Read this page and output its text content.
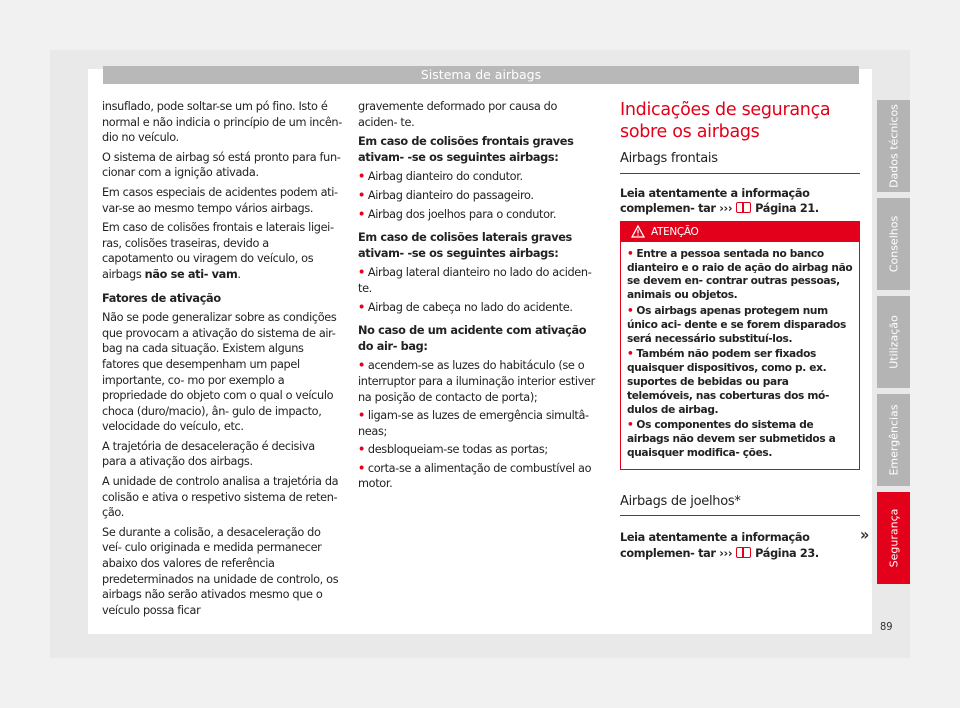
Sistema de airbags

insuflado, pode soltar-se um pó fino. Isto é normal e não indicia o princípio de um incên- dio no veículo.

O sistema de airbag só está pronto para fun- cionar com a ignição ativada.

Em casos especiais de acidentes podem ati- var-se ao mesmo tempo vários airbags.

Em caso de colisões frontais e laterais ligei- ras, colisões traseiras, devido a capotamento ou viragem do veículo, os airbags não se ati- vam.

Fatores de ativação

Não se pode generalizar sobre as condições que provocam a ativação do sistema de air- bag na cada situação. Existem alguns fatores que desempenham um papel importante, co- mo por exemplo a propriedade do objeto com o qual o veículo choca (duro/macio), ân- gulo de impacto, velocidade do veículo, etc.

A trajetória de desaceleração é decisiva para a ativação dos airbags.

A unidade de controlo analisa a trajetória da colisão e ativa o respetivo sistema de reten- ção.

Se durante a colisão, a desaceleração do veí- culo originada e medida permanecer abaixo dos valores de referência predeterminados na unidade de controlo, os airbags não serão ativados mesmo que o veículo possa ficar

gravemente deformado por causa do aciden- te.

Em caso de colisões frontais graves ativam- -se os seguintes airbags:

• Airbag dianteiro do condutor.

• Airbag dianteiro do passageiro.

• Airbag dos joelhos para o condutor.

Em caso de colisões laterais graves ativam- -se os seguintes airbags:

• Airbag lateral dianteiro no lado do aciden- te.

• Airbag de cabeça no lado do acidente.

No caso de um acidente com ativação do air- bag:

• acendem-se as luzes do habitáculo (se o interruptor para a iluminação interior estiver na posição de contacto de porta);

• ligam-se as luzes de emergência simultâ- neas;

• desbloqueiam-se todas as portas;

• corta-se a alimentação de combustível ao motor.

Indicações de segurança sobre os airbags
Airbags frontais

Leia atentamente a informação complemen- tar ››› Página 21.

ATENÇÃO
• Entre a pessoa sentada no banco dianteiro e o raio de ação do airbag não se devem en- contrar outras pessoas, animais ou objetos.
• Os airbags apenas protegem num único aci- dente e se forem disparados será necessário substituí-los.
• Também não podem ser fixados quaisquer dispositivos, como p. ex. suportes de bebidas ou para telemóveis, nas coberturas dos mó- dulos de airbag.
• Os componentes do sistema de airbags não devem ser submetidos a quaisquer modifica- ções.
Airbags de joelhos*

Leia atentamente a informação complemen- tar ››› Página 23.

»
Dados técnicos
Conselhos
Utilização
Emergências
Segurança
89
